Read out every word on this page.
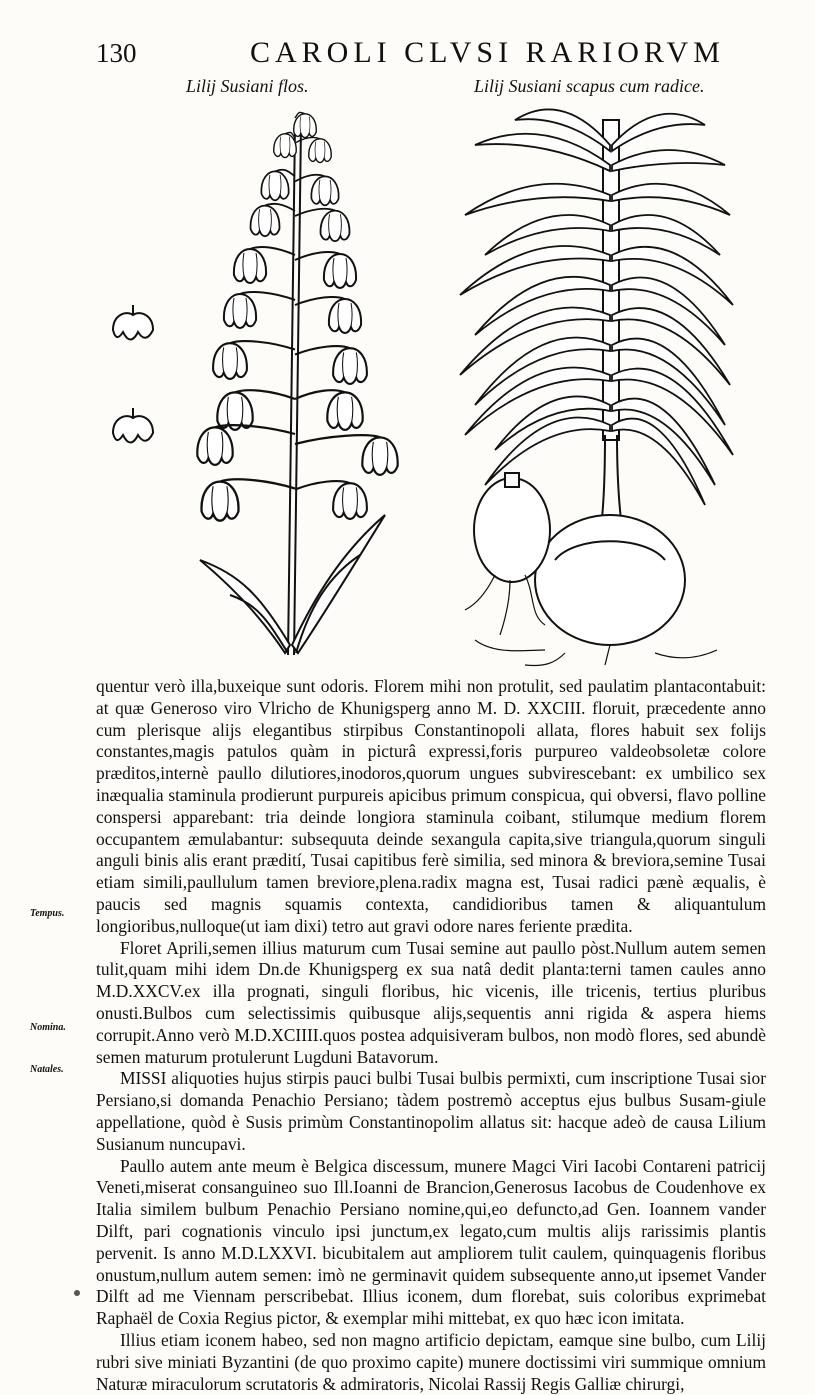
130	CAROLI CLVSI RARIORVM
Lilij Susiani flos.	Lilij Susiani scapus cum radice.
Tempus.
Nomina.
Natales.

quentur verò illa,buxeique sunt odoris. Florem mihi non protulit, sed paulatim plantacontabuit: at quæ Generoso viro Vlricho de Khunigsperg anno M. D. XXCIII. floruit, præcedente anno cum plerisque alijs elegantibus stirpibus Constantinopoli allata, flores habuit sex folijs constantes,magis patulos quàm in picturâ expressi,foris purpureo valdeobsoletæ colore præditos,internè paullo dilutiores,inodoros,quorum ungues subvirescebant: ex umbilico sex inæqualia staminula prodierunt purpureis apicibus primum conspicua, qui obversi, flavo polline conspersi apparebant: tria deinde longiora staminula coibant, stilumque medium florem occupantem æmulabantur: subsequuta deinde sexangula capita,sive triangula,quorum singuli anguli binis alis erant prædití, Tusai capitibus ferè similia, sed minora & breviora,semine Tusai etiam simili,paullulum tamen breviore,plena.radix magna est, Tusai radici pænè æqualis, è paucis sed magnis squamis contexta, candidioribus tamen & aliquantulum longioribus,nulloque(ut iam dixi) tetro aut gravi odore nares feriente prædita.

Floret Aprili,semen illius maturum cum Tusai semine aut paullo pòst.Nullum autem semen tulit,quam mihi idem Dn.de Khunigsperg ex sua natâ dedit planta:terni tamen caules anno M.D.XXCV.ex illa prognati, singuli floribus, hic vicenis, ille tricenis, tertius pluribus onusti.Bulbos cum selectissimis quibusque alijs,sequentis anni rigida & aspera hiems corrupit.Anno verò M.D.XCIIII.quos postea adquisiveram bulbos, non modò flores, sed abundè semen maturum protulerunt Lugduni Batavorum.

MISSI aliquoties hujus stirpis pauci bulbi Tusai bulbis permixti, cum inscriptione Tusai sior Persiano,si domanda Penachio Persiano; tàdem postremò acceptus ejus bulbus Susam-giule appellatione, quòd è Susis primùm Constantinopolim allatus sit: hacque adeò de causa Lilium Susianum nuncupavi.

Paullo autem ante meum è Belgica discessum, munere Magci Viri Iacobi Contareni patricij Veneti,miserat consanguineo suo Ill.Ioanni de Brancion,Generosus Iacobus de Coudenhove ex Italia similem bulbum Penachio Persiano nomine,qui,eo defuncto,ad Gen. Ioannem vander Dilft, pari cognationis vinculo ipsi junctum,ex legato,cum multis alijs rarissimis plantis pervenit. Is anno M.D.LXXVI. bicubitalem aut ampliorem tulit caulem, quinquagenis floribus onustum,nullum autem semen: imò ne germinavit quidem subsequente anno,ut ipsemet Vander Dilft ad me Viennam perscribebat. Illius iconem, dum florebat, suis coloribus exprimebat Raphaël de Coxia Regius pictor, & exemplar mihi mittebat, ex quo hæc icon imitata.

Illius etiam iconem habeo, sed non magno artificio depictam, eamque sine bulbo, cum Lilij rubri sive miniati Byzantini (de quo proximo capite) munere doctissimi viri summique omnium Naturæ miraculorum scrutatoris & admiratoris, Nicolai Rassij Regis Galliæ chirurgi,
